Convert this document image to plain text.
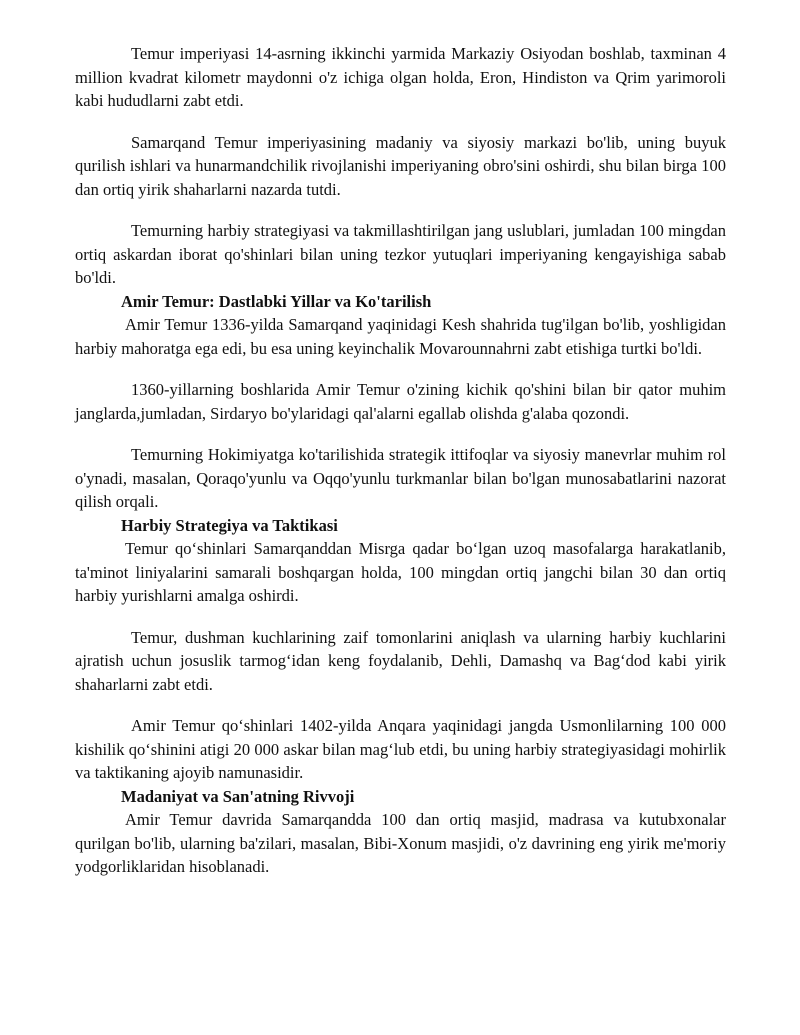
Temur imperiyasi 14-asrning ikkinchi yarmida Markaziy Osiyodan boshlab, taxminan 4 million kvadrat kilometr maydonni o'z ichiga olgan holda, Eron, Hindiston va Qrim yarimoroli kabi hududlarni zabt etdi.

Samarqand Temur imperiyasining madaniy va siyosiy markazi bo'lib, uning buyuk qurilish ishlari va hunarmandchilik rivojlanishi imperiyaning obro'sini oshirdi, shu bilan birga 100 dan ortiq yirik shaharlarni nazarda tutdi.

Temurning harbiy strategiyasi va takmillashtirilgan jang uslublari, jumladan 100 mingdan ortiq askardan iborat qo'shinlari bilan uning tezkor yutuqlari imperiyaning kengayishiga sabab bo'ldi.

Amir Temur: Dastlabki Yillar va Ko'tarilish

Amir Temur 1336-yilda Samarqand yaqinidagi Kesh shahrida tug'ilgan bo'lib, yoshligidan harbiy mahoratga ega edi, bu esa uning keyinchalik Movarounnahrni zabt etishiga turtki bo'ldi.

1360-yillarning boshlarida Amir Temur o'zining kichik qo'shini bilan bir qator muhim janglarda,jumladan, Sirdaryo bo'ylaridagi qal'alarni egallab olishda g'alaba qozondi.

Temurning Hokimiyatga ko'tarilishida strategik ittifoqlar va siyosiy manevrlar muhim rol o'ynadi, masalan, Qoraqo'yunlu va Oqqo'yunlu turkmanlar bilan bo'lgan munosabatlarini nazorat qilish orqali.

Harbiy Strategiya va Taktikasi

Temur qo‘shinlari Samarqanddan Misrga qadar bo‘lgan uzoq masofalarga harakatlanib, ta'minot liniyalarini samarali boshqargan holda, 100 mingdan ortiq jangchi bilan 30 dan ortiq harbiy yurishlarni amalga oshirdi.

Temur, dushman kuchlarining zaif tomonlarini aniqlash va ularning harbiy kuchlarini ajratish uchun josuslik tarmog‘idan keng foydalanib, Dehli, Damashq va Bag‘dod kabi yirik shaharlarni zabt etdi.

Amir Temur qo‘shinlari 1402-yilda Anqara yaqinidagi jangda Usmonlilarning 100 000 kishilik qo‘shinini atigi 20 000 askar bilan mag‘lub etdi, bu uning harbiy strategiyasidagi mohirlik va taktikaning ajoyib namunasidir.

Madaniyat va San'atning Rivvoji

Amir Temur davrida Samarqandda 100 dan ortiq masjid, madrasa va kutubxonalar qurilgan bo'lib, ularning ba'zilari, masalan, Bibi-Xonum masjidi, o'z davrining eng yirik me'moriy yodgorliklaridan hisoblanadi.
